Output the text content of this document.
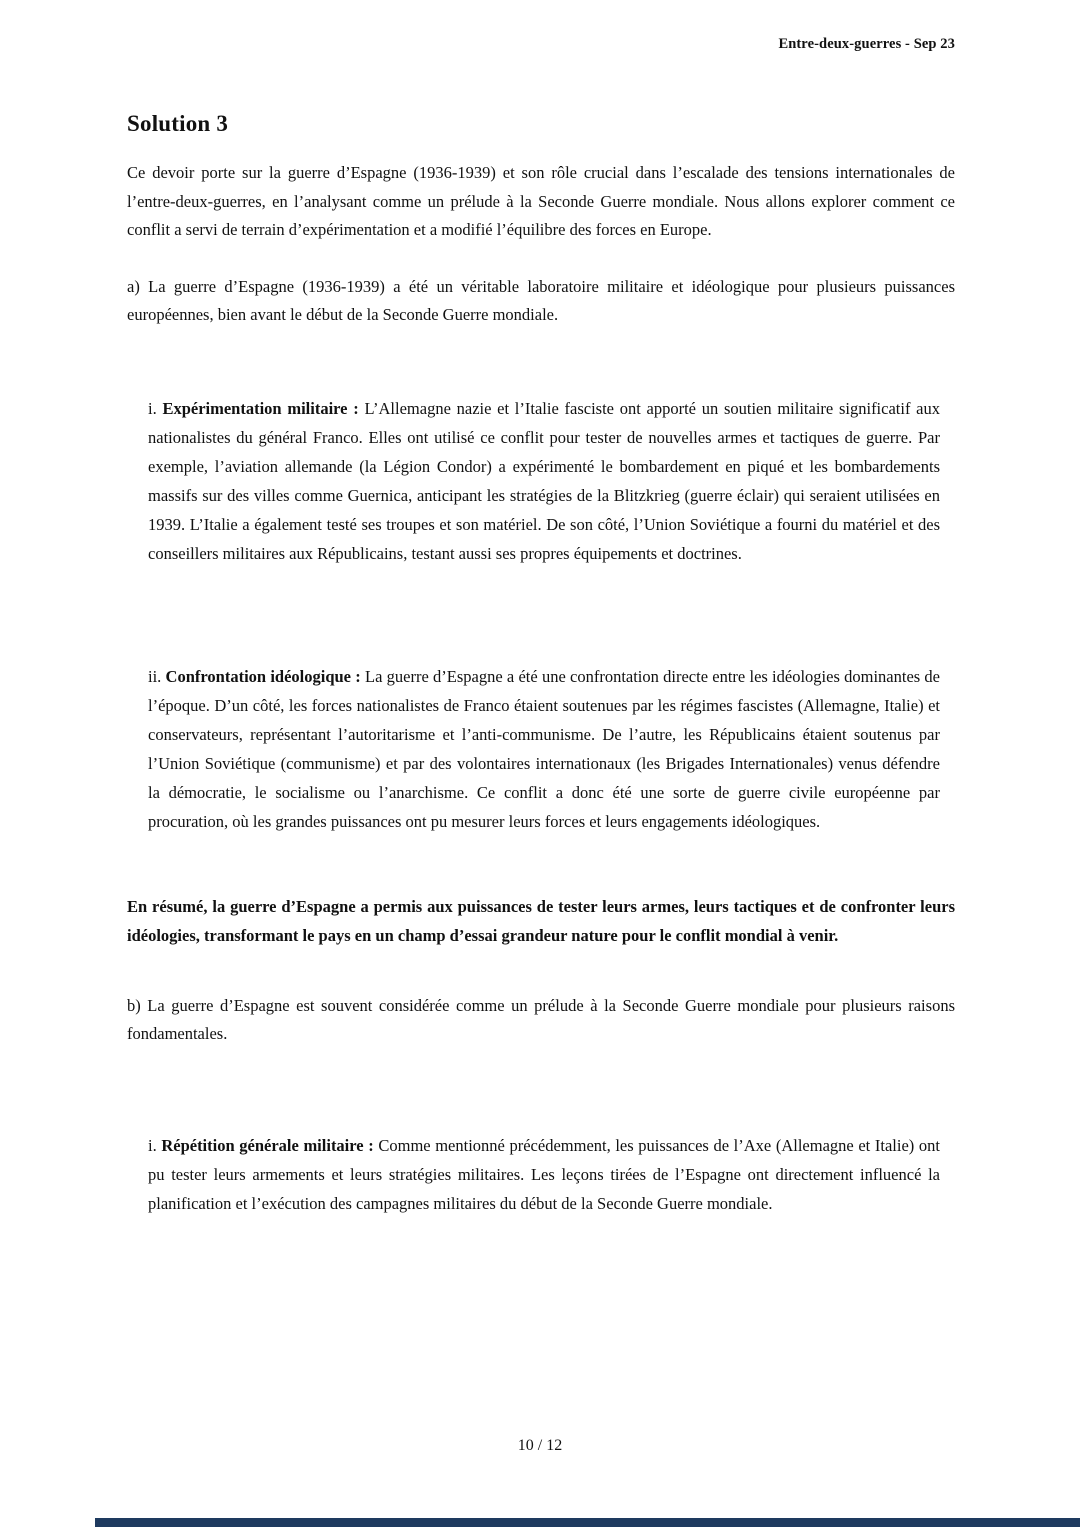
Entre-deux-guerres - Sep 23
Solution 3

Ce devoir porte sur la guerre d’Espagne (1936-1939) et son rôle crucial dans l’escalade des tensions internationales de l’entre-deux-guerres, en l’analysant comme un prélude à la Seconde Guerre mondiale. Nous allons explorer comment ce conflit a servi de terrain d’expérimentation et a modifié l’équilibre des forces en Europe.

a) La guerre d’Espagne (1936-1939) a été un véritable laboratoire militaire et idéologique pour plusieurs puissances européennes, bien avant le début de la Seconde Guerre mondiale.

i. Expérimentation militaire : L’Allemagne nazie et l’Italie fasciste ont apporté un soutien militaire significatif aux nationalistes du général Franco. Elles ont utilisé ce conflit pour tester de nouvelles armes et tactiques de guerre. Par exemple, l’aviation allemande (la Légion Condor) a expérimenté le bombardement en piqué et les bombardements massifs sur des villes comme Guernica, anticipant les stratégies de la Blitzkrieg (guerre éclair) qui seraient utilisées en 1939. L’Italie a également testé ses troupes et son matériel. De son côté, l’Union Soviétique a fourni du matériel et des conseillers militaires aux Républicains, testant aussi ses propres équipements et doctrines.
ii. Confrontation idéologique : La guerre d’Espagne a été une confrontation directe entre les idéologies dominantes de l’époque. D’un côté, les forces nationalistes de Franco étaient soutenues par les régimes fascistes (Allemagne, Italie) et conservateurs, représentant l’autoritarisme et l’anti-communisme. De l’autre, les Républicains étaient soutenus par l’Union Soviétique (communisme) et par des volontaires internationaux (les Brigades Internationales) venus défendre la démocratie, le socialisme ou l’anarchisme. Ce conflit a donc été une sorte de guerre civile européenne par procuration, où les grandes puissances ont pu mesurer leurs forces et leurs engagements idéologiques.

En résumé, la guerre d’Espagne a permis aux puissances de tester leurs armes, leurs tactiques et de confronter leurs idéologies, transformant le pays en un champ d’essai grandeur nature pour le conflit mondial à venir.

b) La guerre d’Espagne est souvent considérée comme un prélude à la Seconde Guerre mondiale pour plusieurs raisons fondamentales.

i. Répétition générale militaire : Comme mentionné précédemment, les puissances de l’Axe (Allemagne et Italie) ont pu tester leurs armements et leurs stratégies militaires. Les leçons tirées de l’Espagne ont directement influencé la planification et l’exécution des campagnes militaires du début de la Seconde Guerre mondiale.
10 / 12
